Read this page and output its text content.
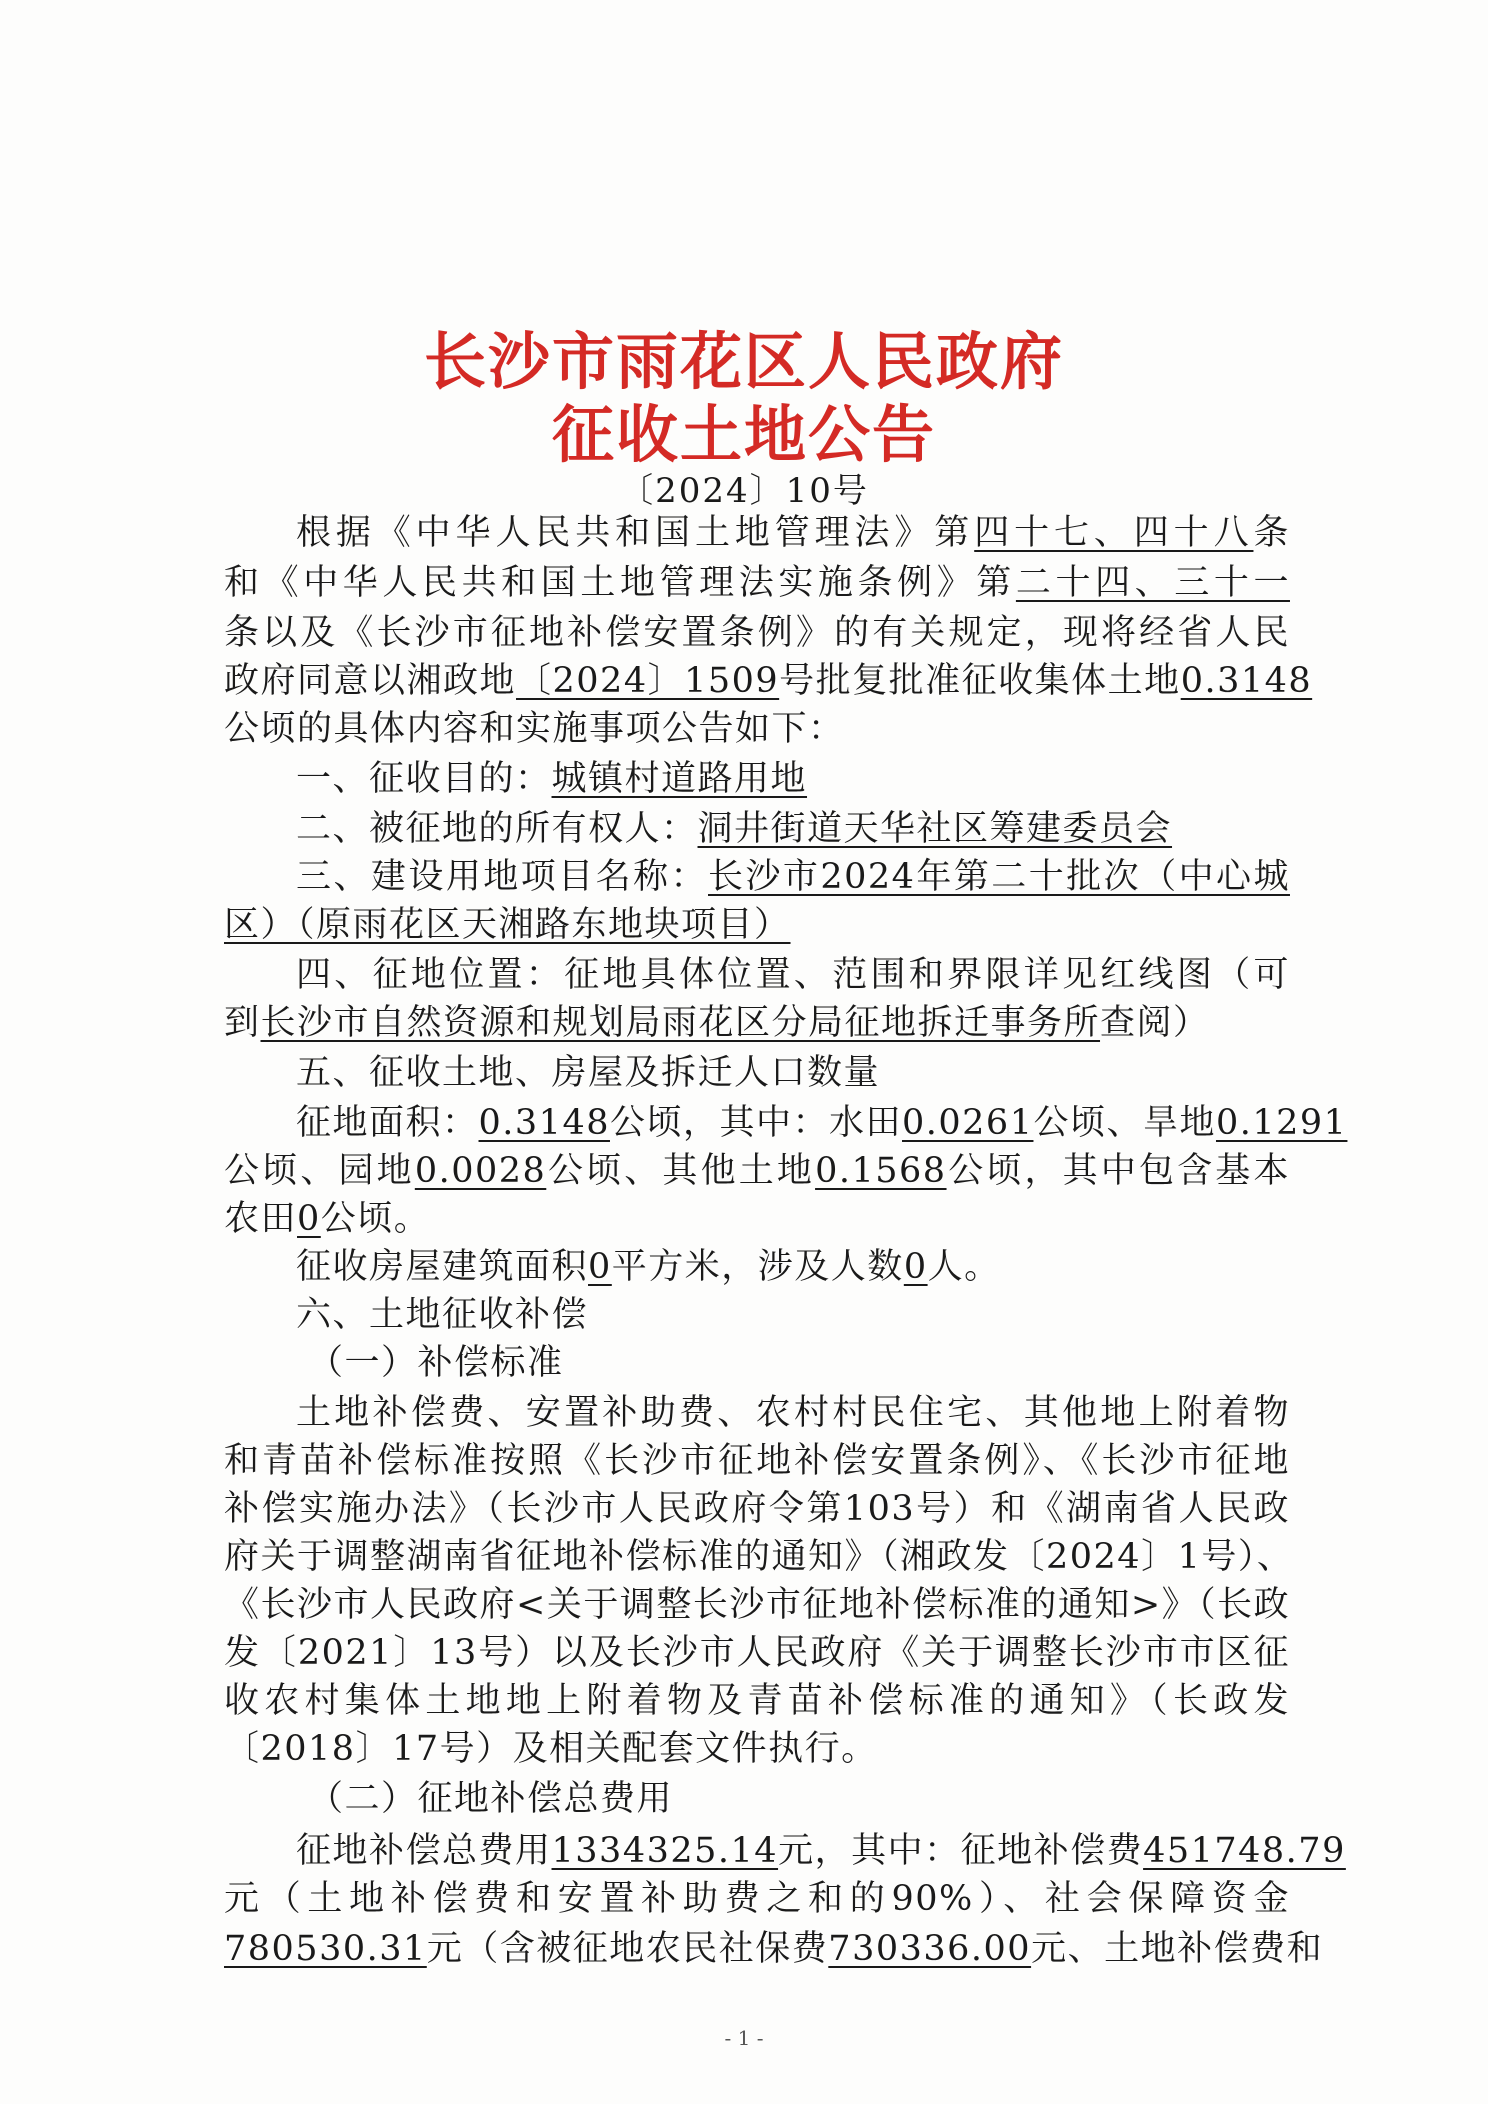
长沙市雨花区人民政府
征收土地公告
〔2024〕10号
根据《中华人民共和国土地管理法》第四十七、四十八条
和《中华人民共和国土地管理法实施条例》第二十四、三十一
条以及《长沙市征地补偿安置条例》的有关规定，现将经省人民
政府同意以湘政地〔2024〕1509号批复批准征收集体土地0.3148
公顷的具体内容和实施事项公告如下：
一、征收目的：城镇村道路用地
二、被征地的所有权人：洞井街道天华社区筹建委员会
三、建设用地项目名称：长沙市2024年第二十批次（中心城
区）（原雨花区天湘路东地块项目）
四、征地位置：征地具体位置、范围和界限详见红线图（可
到长沙市自然资源和规划局雨花区分局征地拆迁事务所查阅）
五、征收土地、房屋及拆迁人口数量
征地面积：0.3148公顷，其中：水田0.0261公顷、旱地0.1291
公顷、园地0.0028公顷、其他土地0.1568公顷，其中包含基本
农田0公顷。
征收房屋建筑面积0平方米，涉及人数0人。
六、土地征收补偿
（一）补偿标准
土地补偿费、安置补助费、农村村民住宅、其他地上附着物
和青苗补偿标准按照《长沙市征地补偿安置条例》、《长沙市征地
补偿实施办法》（长沙市人民政府令第103号）和《湖南省人民政
府关于调整湖南省征地补偿标准的通知》（湘政发〔2024〕1号）、
《长沙市人民政府<关于调整长沙市征地补偿标准的通知>》（长政
发〔2021〕13号）以及长沙市人民政府《关于调整长沙市市区征
收农村集体土地地上附着物及青苗补偿标准的通知》（长政发
〔2018〕17号）及相关配套文件执行。
（二）征地补偿总费用
征地补偿总费用1334325.14元，其中：征地补偿费451748.79
元（土地补偿费和安置补助费之和的90%）、社会保障资金
780530.31元（含被征地农民社保费730336.00元、土地补偿费和
- 1 -
